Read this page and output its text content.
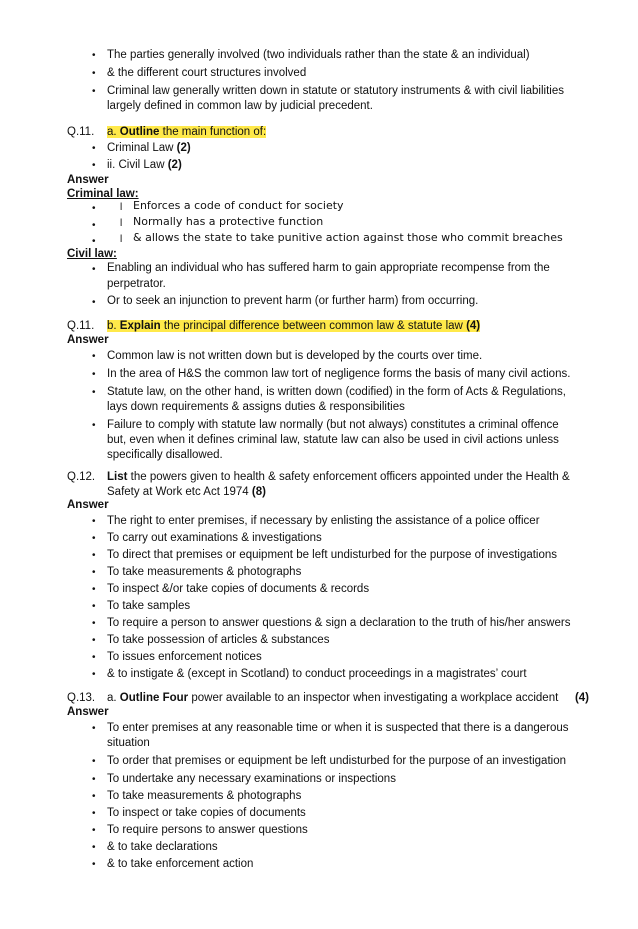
• The parties generally involved (two individuals rather than the state & an individual)
• & the different court structures involved
• Criminal law generally written down in statute or statutory instruments & with civil liabilities
largely defined in common law by judicial precedent.
Q.11. a. Outline the main function of:
• Criminal Law (2)
• ii. Civil Law (2)
Answer
Criminal law:
• l Enforces a code of conduct for society
• l Normally has a protective function
• l & allows the state to take punitive action against those who commit breaches
Civil law:
• Enabling an individual who has suffered harm to gain appropriate recompense from the
perpetrator.
• Or to seek an injunction to prevent harm (or further harm) from occurring.
Q.11. b. Explain the principal difference between common law & statute law (4)
Answer
• Common law is not written down but is developed by the courts over time.
• In the area of H&S the common law tort of negligence forms the basis of many civil actions.
• Statute law, on the other hand, is written down (codified) in the form of Acts & Regulations,
lays down requirements & assigns duties & responsibilities
• Failure to comply with statute law normally (but not always) constitutes a criminal offence
but, even when it defines criminal law, statute law can also be used in civil actions unless
specifically disallowed.
Q.12. List the powers given to health & safety enforcement officers appointed under the Health &
Safety at Work etc Act 1974 (8)
Answer
• The right to enter premises, if necessary by enlisting the assistance of a police officer
• To carry out examinations & investigations
• To direct that premises or equipment be left undisturbed for the purpose of investigations
• To take measurements & photographs
• To inspect &/or take copies of documents & records
• To take samples
• To require a person to answer questions & sign a declaration to the truth of his/her answers
• To take possession of articles & substances
• To issues enforcement notices
• & to instigate & (except in Scotland) to conduct proceedings in a magistrates’ court
Q.13. a. Outline Four power available to an inspector when investigating a workplace accident (4)
Answer
• To enter premises at any reasonable time or when it is suspected that there is a dangerous
situation
• To order that premises or equipment be left undisturbed for the purpose of an investigation
• To undertake any necessary examinations or inspections
• To take measurements & photographs
• To inspect or take copies of documents
• To require persons to answer questions
• & to take declarations
• & to take enforcement action
